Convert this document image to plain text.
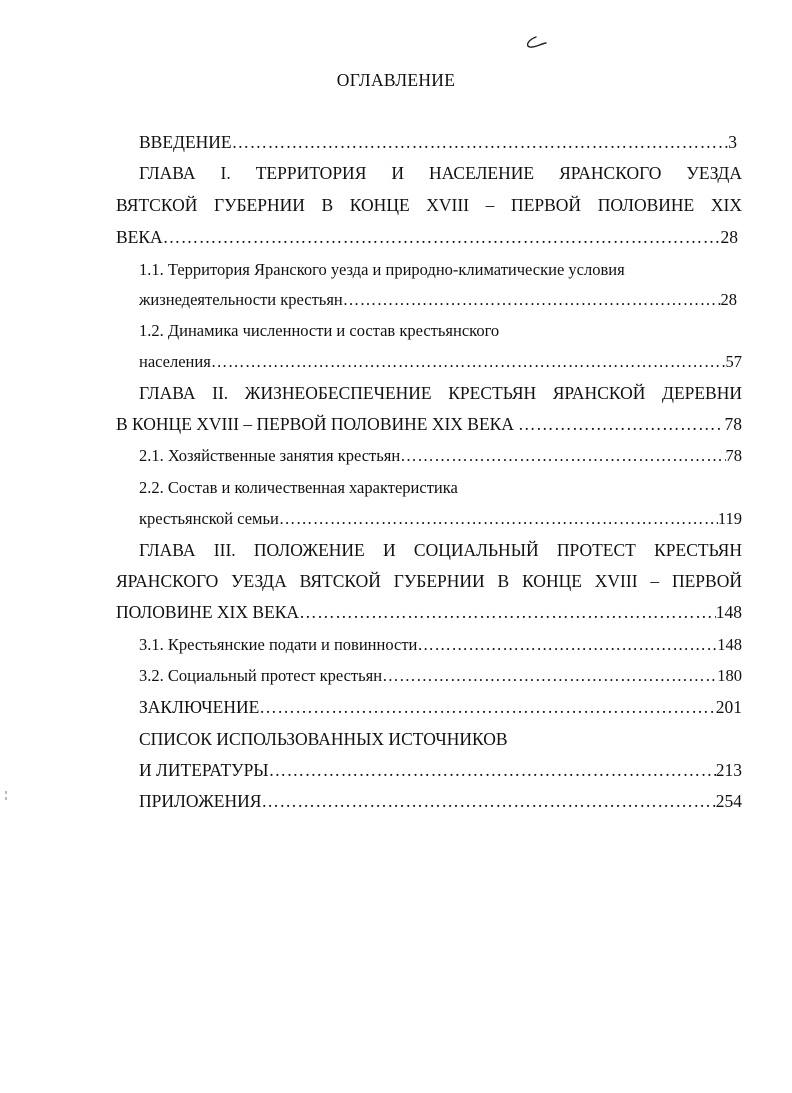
ОГЛАВЛЕНИЕ
ВВЕДЕНИЕ …………………………………………………………………………………………………………………………………………………………	3
ГЛАВА I. ТЕРРИТОРИЯ И НАСЕЛЕНИЕ ЯРАНСКОГО УЕЗДА
ВЯТСКОЙ ГУБЕРНИИ В КОНЦЕ XVIII – ПЕРВОЙ ПОЛОВИНЕ XIX
ВЕКА …………………………………………………………………………………………………………………………………………………………	28
1.1. Территория Яранского уезда и природно-климатические условия
жизнедеятельности крестьян …………………………………………………………………………………………………………………………………………………………	28
1.2. Динамика численности и состав крестьянского
населения …………………………………………………………………………………………………………………………………………………………	57
ГЛАВА II. ЖИЗНЕОБЕСПЕЧЕНИЕ КРЕСТЬЯН ЯРАНСКОЙ ДЕРЕВНИ
В КОНЦЕ XVIII – ПЕРВОЙ ПОЛОВИНЕ XIX ВЕКА …………………………………………………………………………………………………………………………………………………………	78
2.1. Хозяйственные занятия крестьян …………………………………………………………………………………………………………………………………………………………	78
2.2. Состав и количественная характеристика
крестьянской семьи …………………………………………………………………………………………………………………………………………………………	119
ГЛАВА III. ПОЛОЖЕНИЕ И СОЦИАЛЬНЫЙ ПРОТЕСТ КРЕСТЬЯН
ЯРАНСКОГО УЕЗДА ВЯТСКОЙ ГУБЕРНИИ В КОНЦЕ XVIII – ПЕРВОЙ
ПОЛОВИНЕ XIX ВЕКА …………………………………………………………………………………………………………………………………………………………	148
3.1. Крестьянские подати и повинности …………………………………………………………………………………………………………………………………………………………	148
3.2. Социальный протест крестьян …………………………………………………………………………………………………………………………………………………………	180
ЗАКЛЮЧЕНИЕ …………………………………………………………………………………………………………………………………………………………	201
СПИСОК ИСПОЛЬЗОВАННЫХ ИСТОЧНИКОВ
И ЛИТЕРАТУРЫ …………………………………………………………………………………………………………………………………………………………	213
ПРИЛОЖЕНИЯ …………………………………………………………………………………………………………………………………………………………	254
